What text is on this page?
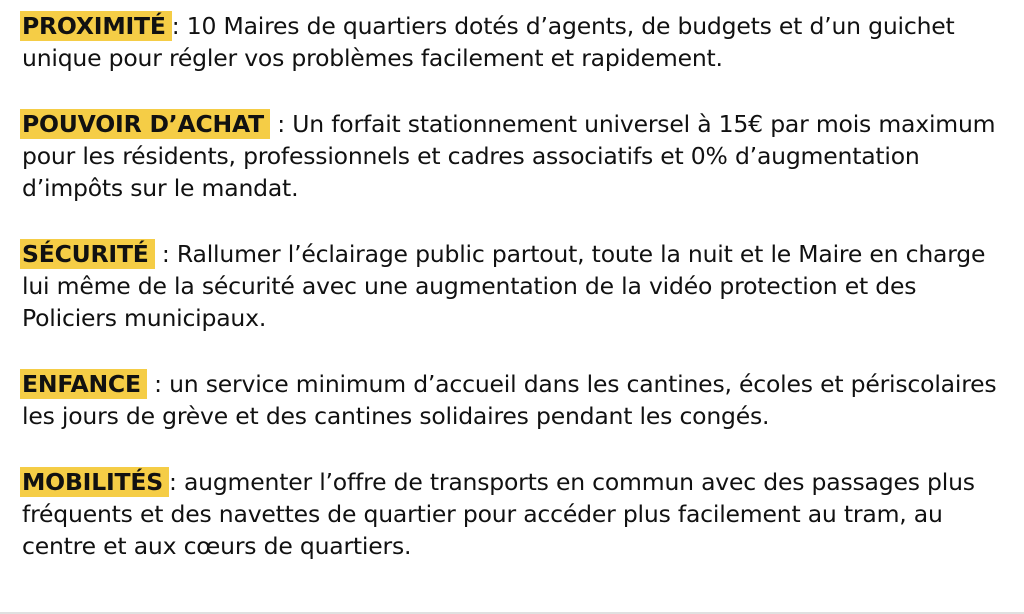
PROXIMITÉ : 10 Maires de quartiers dotés d’agents, de budgets et d’un guichet unique pour régler vos problèmes facilement et rapidement.

POUVOIR D’ACHAT : Un forfait stationnement universel à 15€ par mois maximum pour les résidents, professionnels et cadres associatifs et 0% d’augmentation d’impôts sur le mandat.

SÉCURITÉ : Rallumer l’éclairage public partout, toute la nuit et le Maire en charge lui même de la sécurité avec une augmentation de la vidéo protection et des Policiers municipaux.

ENFANCE : un service minimum d’accueil dans les cantines, écoles et périscolaires les jours de grève et des cantines solidaires pendant les congés.

MOBILITÉS : augmenter l’offre de transports en commun avec des passages plus fréquents et des navettes de quartier pour accéder plus facilement au tram, au centre et aux cœurs de quartiers.
